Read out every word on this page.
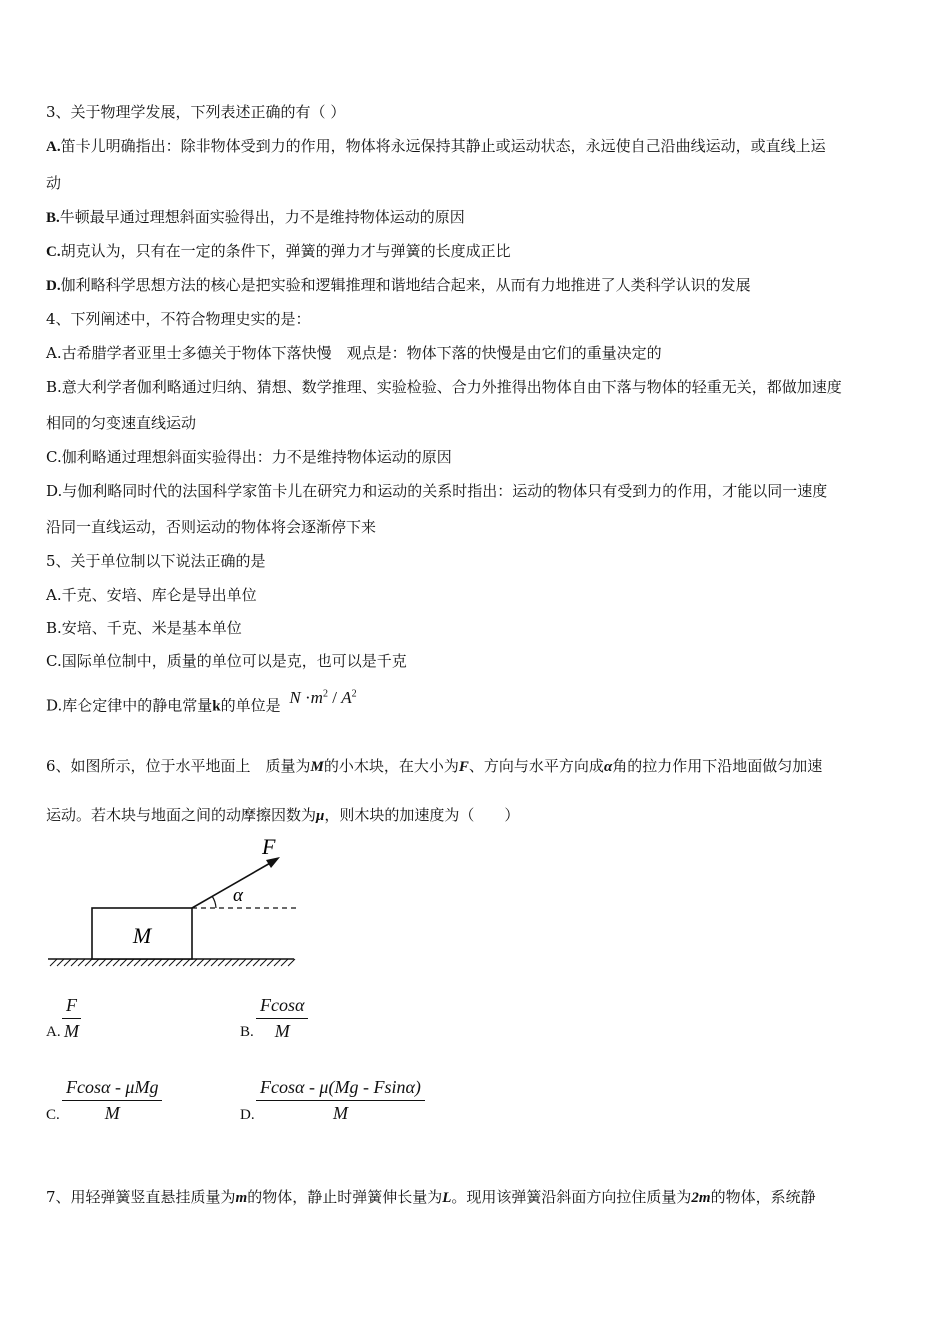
3、关于物理学发展，下列表述正确的有（ ）
A.笛卡儿明确指出：除非物体受到力的作用，物体将永远保持其静止或运动状态，永远使自己沿曲线运动，或直线上运
动
B.牛顿最早通过理想斜面实验得出，力不是维持物体运动的原因
C.胡克认为，只有在一定的条件下，弹簧的弹力才与弹簧的长度成正比
D.伽利略科学思想方法的核心是把实验和逻辑推理和谐地结合起来，从而有力地推进了人类科学认识的发展
4、下列阐述中，不符合物理史实的是：
A.古希腊学者亚里士多德关于物体下落快慢　观点是：物体下落的快慢是由它们的重量决定的
B.意大利学者伽利略通过归纳、猜想、数学推理、实验检验、合力外推得出物体自由下落与物体的轻重无关，都做加速度
相同的匀变速直线运动
C.伽利略通过理想斜面实验得出：力不是维持物体运动的原因
D.与伽利略同时代的法国科学家笛卡儿在研究力和运动的关系时指出：运动的物体只有受到力的作用，才能以同一速度
沿同一直线运动，否则运动的物体将会逐渐停下来
5、关于单位制以下说法正确的是
A.千克、安培、库仑是导出单位
B.安培、千克、米是基本单位
C.国际单位制中，质量的单位可以是克，也可以是千克
D.库仑定律中的静电常量k的单位是 $N \cdot m^2 / A^2$
6、如图所示，位于水平地面上　质量为M的小木块，在大小为F、方向与水平方向成α角的拉力作用下沿地面做匀加速
运动。若木块与地面之间的动摩擦因数为μ，则木块的加速度为（　　）
M
F
α
A. $\frac{F}{M}$	B. $\frac{Fcos\alpha}{M}$
C.
Fcosα - μMg
M	D. $\frac{Fcos\alpha - \mu(Mg - Fsin\alpha)}{M}$
7、用轻弹簧竖直悬挂质量为m的物体，静止时弹簧伸长量为L。现用该弹簧沿斜面方向拉住质量为2m的物体，系统静
